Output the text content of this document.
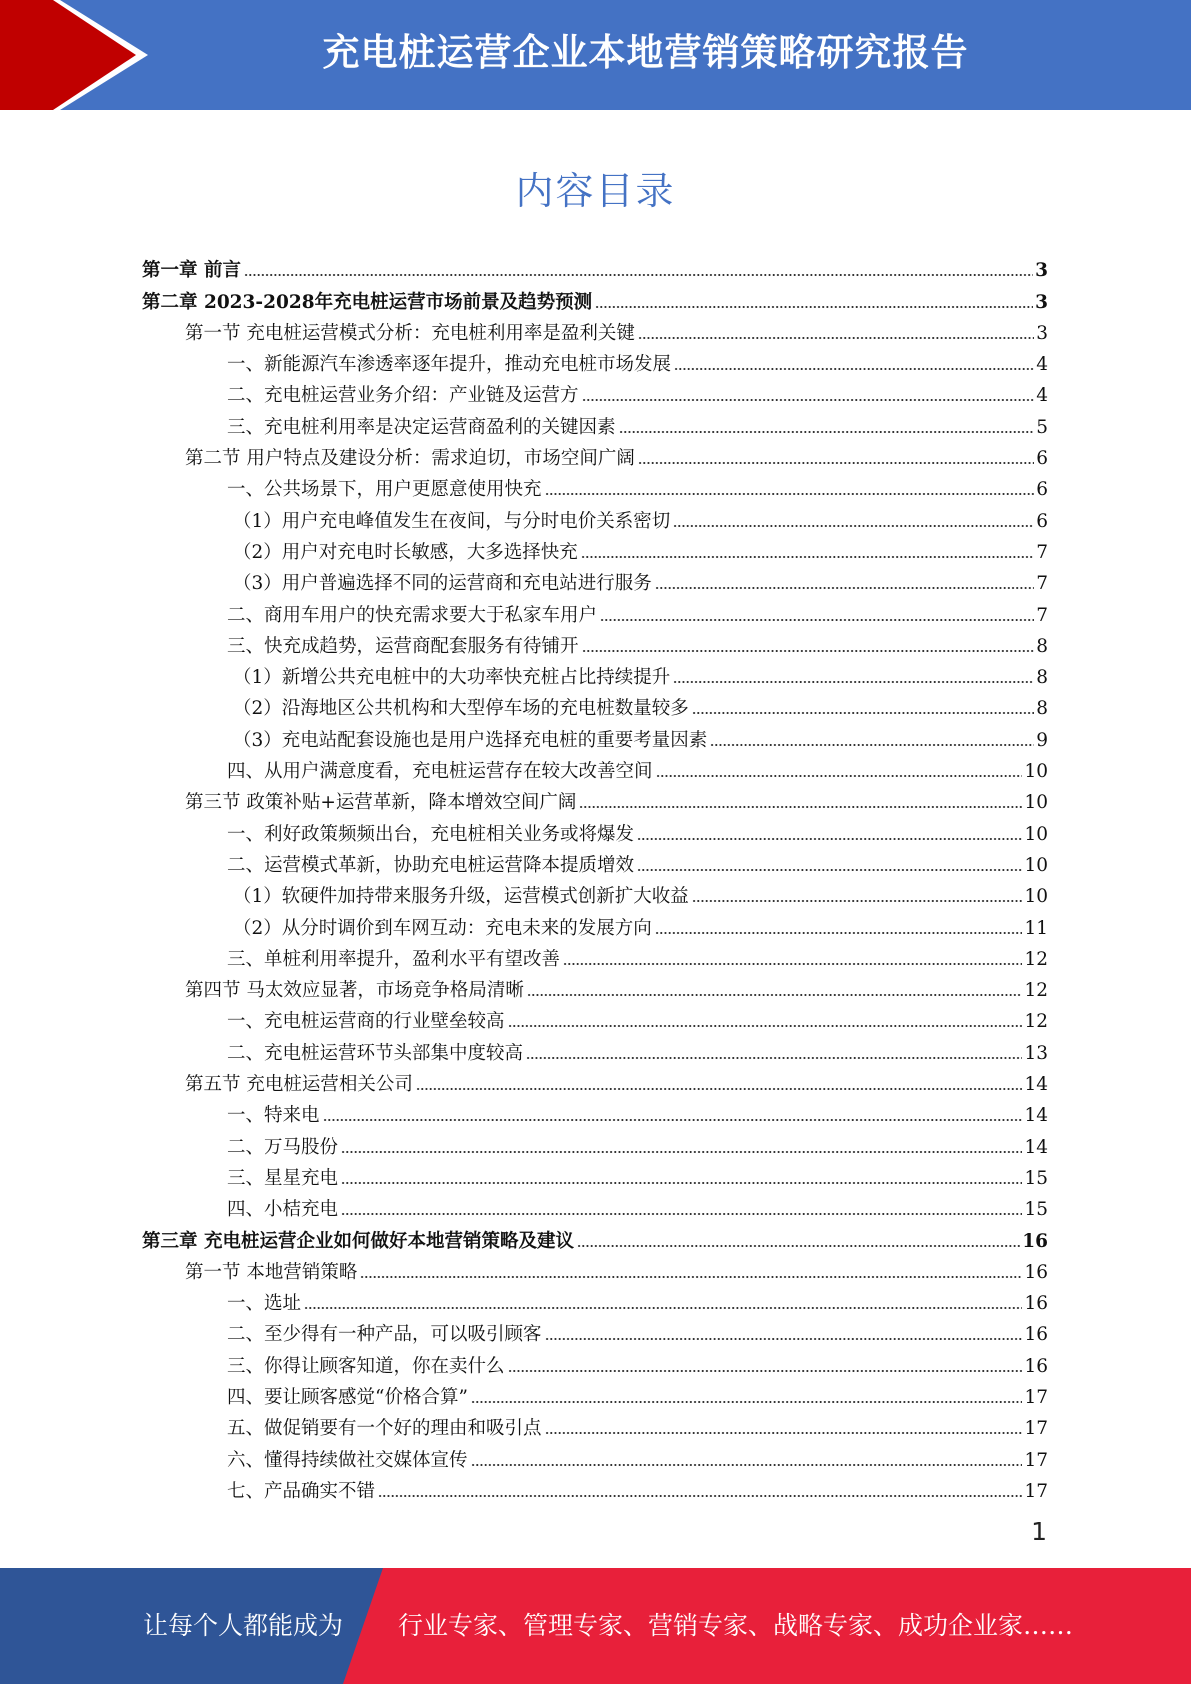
充电桩运营企业本地营销策略研究报告
内容目录
第一章 前言	3
第二章 2023-2028年充电桩运营市场前景及趋势预测	3
第一节 充电桩运营模式分析：充电桩利用率是盈利关键	3
一、新能源汽车渗透率逐年提升，推动充电桩市场发展	4
二、充电桩运营业务介绍：产业链及运营方	4
三、充电桩利用率是决定运营商盈利的关键因素	5
第二节 用户特点及建设分析：需求迫切，市场空间广阔	6
一、公共场景下，用户更愿意使用快充	6
（1）用户充电峰值发生在夜间，与分时电价关系密切	6
（2）用户对充电时长敏感，大多选择快充	7
（3）用户普遍选择不同的运营商和充电站进行服务	7
二、商用车用户的快充需求要大于私家车用户	7
三、快充成趋势，运营商配套服务有待铺开	8
（1）新增公共充电桩中的大功率快充桩占比持续提升	8
（2）沿海地区公共机构和大型停车场的充电桩数量较多	8
（3）充电站配套设施也是用户选择充电桩的重要考量因素	9
四、从用户满意度看，充电桩运营存在较大改善空间	10
第三节 政策补贴+运营革新，降本增效空间广阔	10
一、利好政策频频出台，充电桩相关业务或将爆发	10
二、运营模式革新，协助充电桩运营降本提质增效	10
（1）软硬件加持带来服务升级，运营模式创新扩大收益	10
（2）从分时调价到车网互动：充电未来的发展方向	11
三、单桩利用率提升，盈利水平有望改善	12
第四节 马太效应显著，市场竞争格局清晰	12
一、充电桩运营商的行业壁垒较高	12
二、充电桩运营环节头部集中度较高	13
第五节 充电桩运营相关公司	14
一、特来电	14
二、万马股份	14
三、星星充电	15
四、小桔充电	15
第三章 充电桩运营企业如何做好本地营销策略及建议	16
第一节 本地营销策略	16
一、选址	16
二、至少得有一种产品，可以吸引顾客	16
三、你得让顾客知道，你在卖什么	16
四、要让顾客感觉“价格合算”	17
五、做促销要有一个好的理由和吸引点	17
六、懂得持续做社交媒体宣传	17
七、产品确实不错	17
1
让每个人都能成为 行业专家、管理专家、营销专家、战略专家、成功企业家……
